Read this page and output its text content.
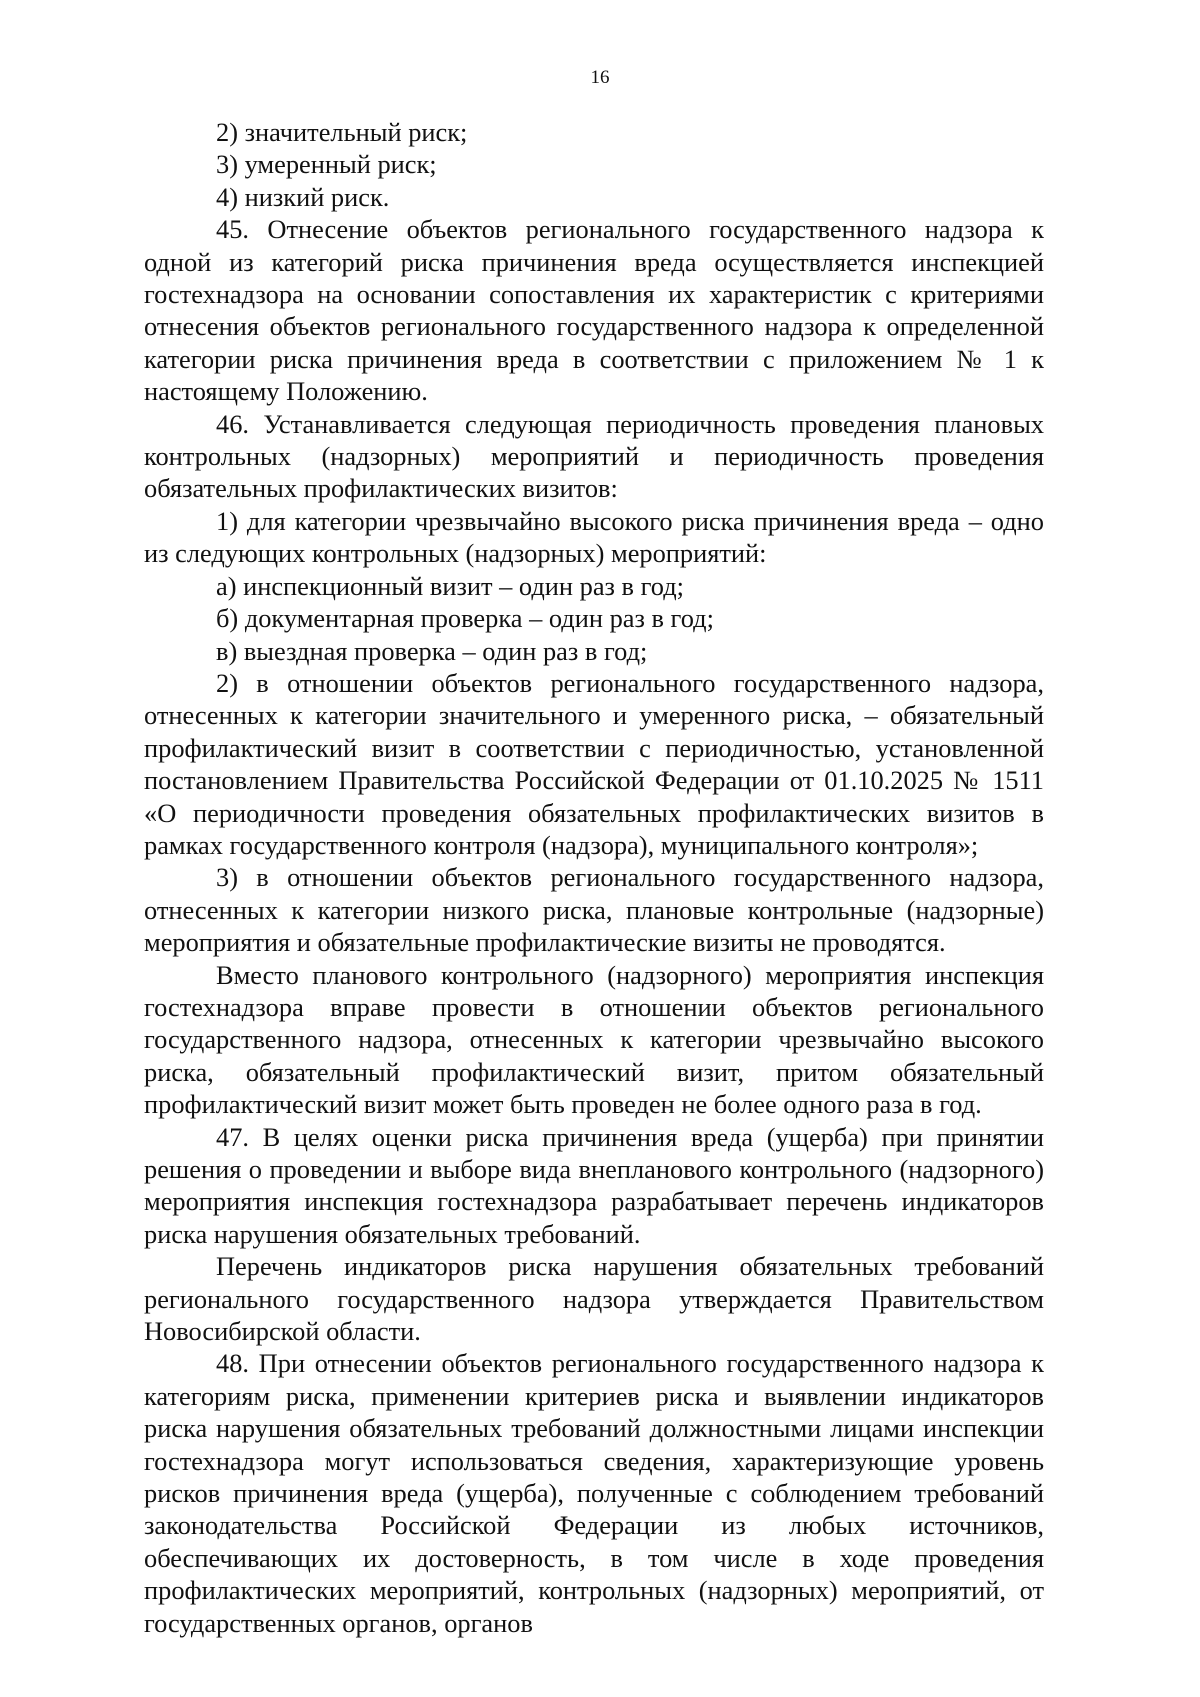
16

2) значительный риск;

3) умеренный риск;

4) низкий риск.

45. Отнесение объектов регионального государственного надзора к одной из категорий риска причинения вреда осуществляется инспекцией гостехнадзора на основании сопоставления их характеристик с критериями отнесения объектов регионального государственного надзора к определенной категории риска причинения вреда в соответствии с приложением № 1 к настоящему Положению.

46. Устанавливается следующая периодичность проведения плановых контрольных (надзорных) мероприятий и периодичность проведения обязательных профилактических визитов:

1) для категории чрезвычайно высокого риска причинения вреда – одно из следующих контрольных (надзорных) мероприятий:

а) инспекционный визит – один раз в год;

б) документарная проверка – один раз в год;

в) выездная проверка – один раз в год;

2) в отношении объектов регионального государственного надзора, отнесенных к категории значительного и умеренного риска, – обязательный профилактический визит в соответствии с периодичностью, установленной постановлением Правительства Российской Федерации от 01.10.2025 № 1511 «О периодичности проведения обязательных профилактических визитов в рамках государственного контроля (надзора), муниципального контроля»;

3) в отношении объектов регионального государственного надзора, отнесенных к категории низкого риска, плановые контрольные (надзорные) мероприятия и обязательные профилактические визиты не проводятся.

Вместо планового контрольного (надзорного) мероприятия инспекция гостехнадзора вправе провести в отношении объектов регионального государственного надзора, отнесенных к категории чрезвычайно высокого риска, обязательный профилактический визит, притом обязательный профилактический визит может быть проведен не более одного раза в год.

47. В целях оценки риска причинения вреда (ущерба) при принятии решения о проведении и выборе вида внепланового контрольного (надзорного) мероприятия инспекция гостехнадзора разрабатывает перечень индикаторов риска нарушения обязательных требований.

Перечень индикаторов риска нарушения обязательных требований регионального государственного надзора утверждается Правительством Новосибирской области.

48. При отнесении объектов регионального государственного надзора к категориям риска, применении критериев риска и выявлении индикаторов риска нарушения обязательных требований должностными лицами инспекции гостехнадзора могут использоваться сведения, характеризующие уровень рисков причинения вреда (ущерба), полученные с соблюдением требований законодательства Российской Федерации из любых источников, обеспечивающих их достоверность, в том числе в ходе проведения профилактических мероприятий, контрольных (надзорных) мероприятий, от государственных органов, органов
